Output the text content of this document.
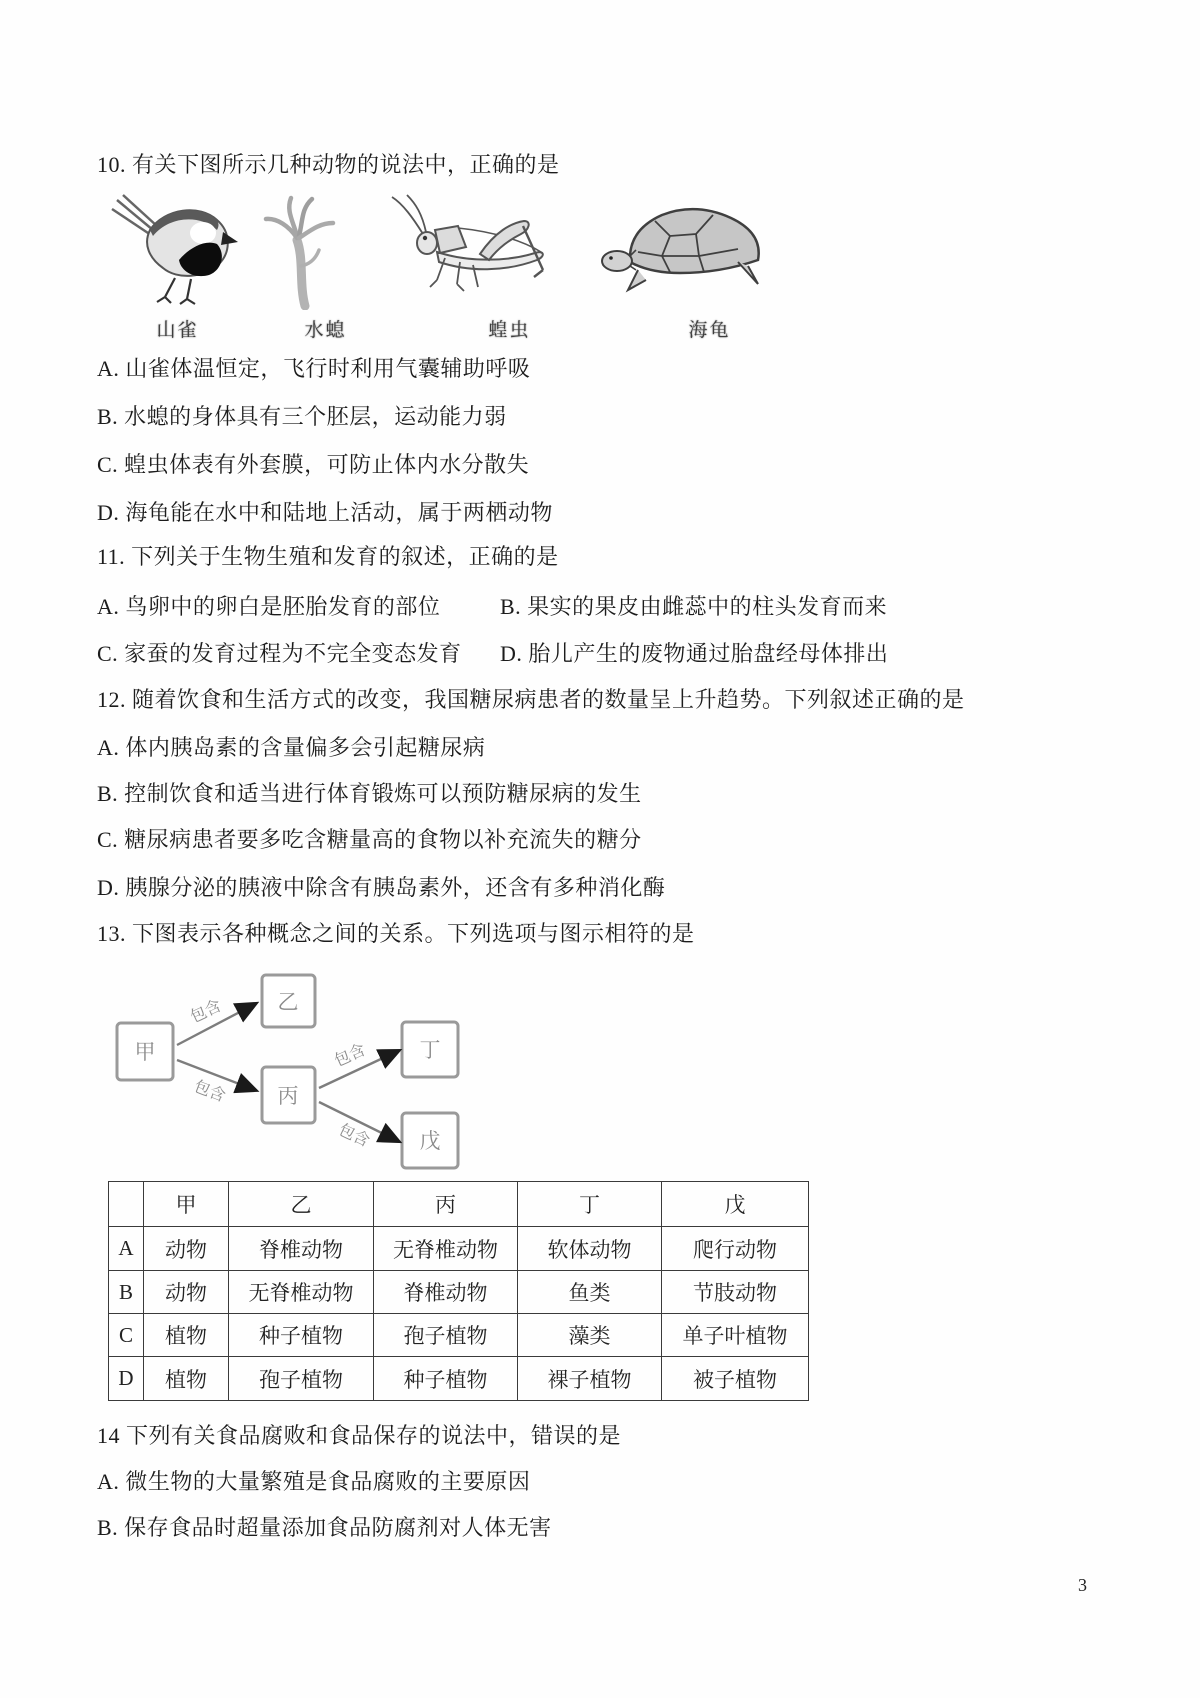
10. 有关下图所示几种动物的说法中，正确的是
山雀	水螅	蝗虫	海龟
A. 山雀体温恒定，飞行时利用气囊辅助呼吸
B. 水螅的身体具有三个胚层，运动能力弱
C. 蝗虫体表有外套膜，可防止体内水分散失
D. 海龟能在水中和陆地上活动，属于两栖动物
11. 下列关于生物生殖和发育的叙述，正确的是
A. 鸟卵中的卵白是胚胎发育的部位	B. 果实的果皮由雌蕊中的柱头发育而来
C. 家蚕的发育过程为不完全变态发育 D. 胎儿产生的废物通过胎盘经母体排出
12. 随着饮食和生活方式的改变，我国糖尿病患者的数量呈上升趋势。下列叙述正确的是
A. 体内胰岛素的含量偏多会引起糖尿病
B. 控制饮食和适当进行体育锻炼可以预防糖尿病的发生
C. 糖尿病患者要多吃含糖量高的食物以补充流失的糖分
D. 胰腺分泌的胰液中除含有胰岛素外，还含有多种消化酶
13. 下图表示各种概念之间的关系。下列选项与图示相符的是
甲
乙
丙
丁
戊
包含
包含
包含
包含
	甲	乙	丙	丁	戊
A	动物	脊椎动物	无脊椎动物	软体动物	爬行动物
B	动物	无脊椎动物	脊椎动物	鱼类	节肢动物
C	植物	种子植物	孢子植物	藻类	单子叶植物
D	植物	孢子植物	种子植物	裸子植物	被子植物
14 下列有关食品腐败和食品保存的说法中，错误的是
A. 微生物的大量繁殖是食品腐败的主要原因
B. 保存食品时超量添加食品防腐剂对人体无害
3
